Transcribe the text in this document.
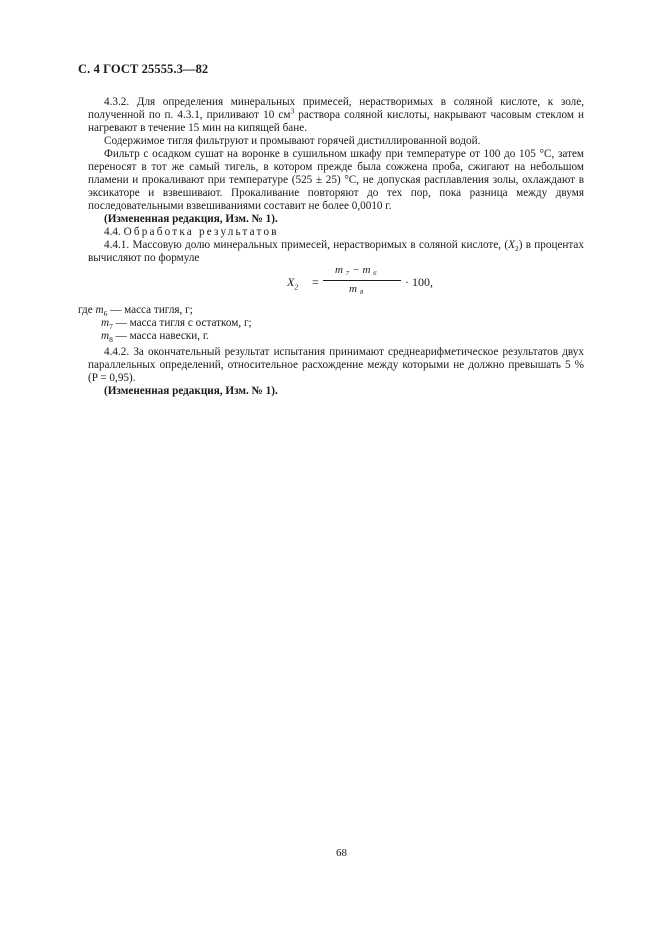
С. 4 ГОСТ 25555.3—82

4.3.2. Для определения минеральных примесей, нерастворимых в соляной кислоте, к золе, полученной по п. 4.3.1, приливают 10 $см^3$ раствора соляной кислоты, накрывают часовым стеклом и нагревают в течение 15 мин на кипящей бане.

Содержимое тигля фильтруют и промывают горячей дистиллированной водой.

Фильтр с осадком сушат на воронке в сушильном шкафу при температуре от 100 до 105 °С, затем переносят в тот же самый тигель, в котором прежде была сожжена проба, сжигают на небольшом пламени и прокаливают при температуре (525 ± 25) °С, не допуская расплавления золы, охлаждают в эксикаторе и взвешивают. Прокаливание повторяют до тех пор, пока разница между двумя последовательными взвешиваниями составит не более 0,0010 г.

(Измененная редакция, Изм. № 1).

4.4. Обработка результатов

4.4.1. Массовую долю минеральных примесей, нерастворимых в соляной кислоте, $(X_2)$ в процентах вычисляют по формуле

$X_2$ =
m ₇ − m ₆
m ₈	· 100,
где $m_6$ — масса тигля, г;
$m_7$ — масса тигля с остатком, г;
$m_8$ — масса навески, г.

4.4.2. За окончательный результат испытания принимают среднеарифметическое результатов двух параллельных определений, относительное расхождение между которыми не должно превышать 5 % (P = 0,95).

(Измененная редакция, Изм. № 1).

68
